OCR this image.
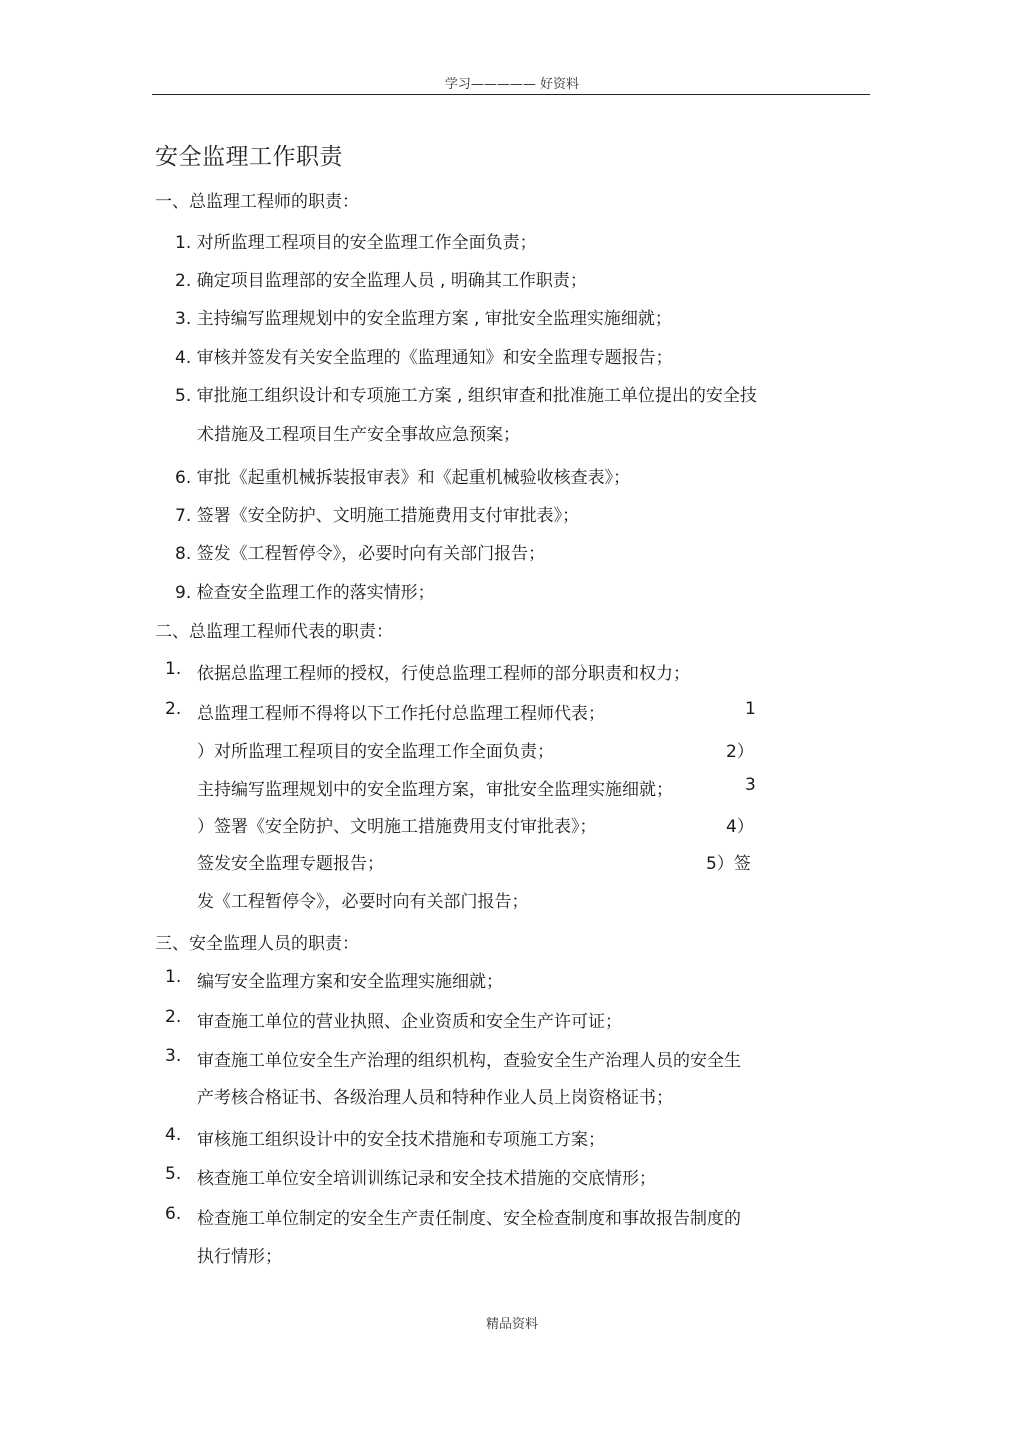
学习————— 好资料
安全监理工作职责
一、总监理工程师的职责：
1. 对所监理工程项目的安全监理工作全面负责；
2. 确定项目监理部的安全监理人员 , 明确其工作职责；
3. 主持编写监理规划中的安全监理方案 , 审批安全监理实施细就；
4. 审核并签发有关安全监理的《监理通知》和安全监理专题报告；
5. 审批施工组织设计和专项施工方案 , 组织审查和批准施工单位提出的安全技
术措施及工程项目生产安全事故应急预案；
6. 审批《起重机械拆装报审表》和《起重机械验收核查表》；
7. 签署《安全防护、文明施工措施费用支付审批表》；
8. 签发《工程暂停令》，必要时向有关部门报告；
9. 检查安全监理工作的落实情形；
二、总监理工程师代表的职责：
1. 依据总监理工程师的授权，行使总监理工程师的部分职责和权力；
2. 总监理工程师不得将以下工作托付总监理工程师代表；	1
）对所监理工程项目的安全监理工作全面负责；	2）
主持编写监理规划中的安全监理方案，审批安全监理实施细就；	3
）签署《安全防护、文明施工措施费用支付审批表》；	4）
签发安全监理专题报告；	5）签
发《工程暂停令》，必要时向有关部门报告；
三、安全监理人员的职责：
1. 编写安全监理方案和安全监理实施细就；
2. 审查施工单位的营业执照、企业资质和安全生产许可证；
3. 审查施工单位安全生产治理的组织机构，查验安全生产治理人员的安全生
产考核合格证书、各级治理人员和特种作业人员上岗资格证书；
4. 审核施工组织设计中的安全技术措施和专项施工方案；
5. 核查施工单位安全培训训练记录和安全技术措施的交底情形；
6. 检查施工单位制定的安全生产责任制度、安全检查制度和事故报告制度的
执行情形；
精品资料
